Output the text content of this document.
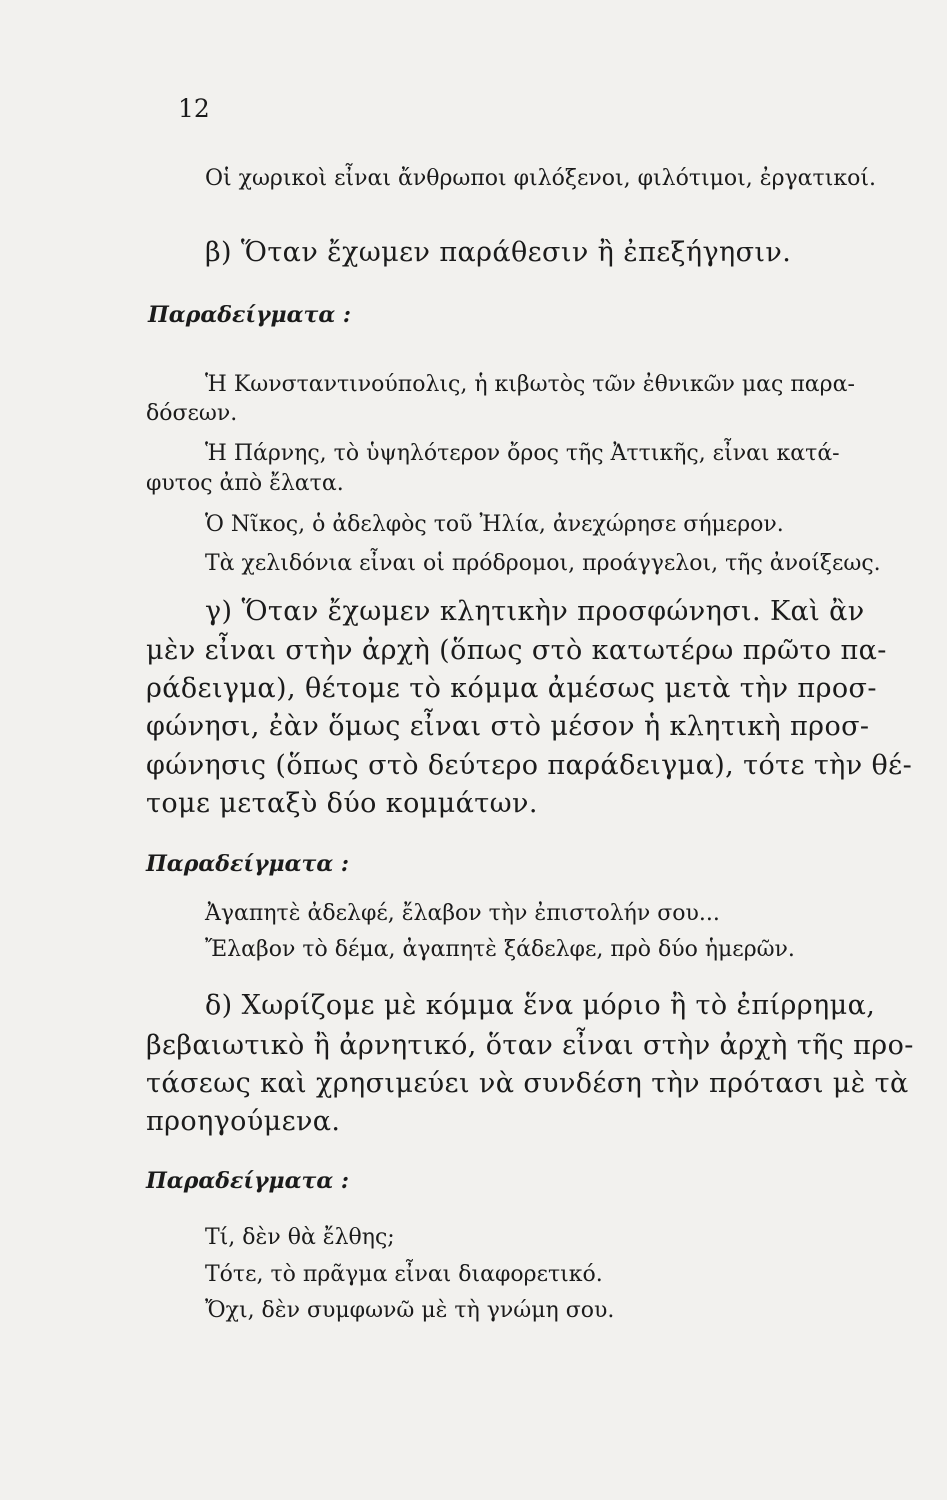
12
Οἱ χωρικοὶ εἶναι ἄνθρωποι φιλόξενοι, φιλότιμοι, ἐργατικοί.
β) Ὅταν ἔχωμεν παράθεσιν ἢ ἐπεξήγησιν.
Παραδείγματα :
Ἡ Κωνσταντινούπολις, ἡ κιβωτὸς τῶν ἐθνικῶν μας παρα-
δόσεων.
Ἡ Πάρνης, τὸ ὑψηλότερον ὄρος τῆς Ἀττικῆς, εἶναι κατά-
φυτος ἀπὸ ἔλατα.
Ὁ Νῖκος, ὁ ἀδελφὸς τοῦ Ἠλία, ἀνεχώρησε σήμερον.
Τὰ χελιδόνια εἶναι οἱ πρόδρομοι, προάγγελοι, τῆς ἀνοίξεως.
γ) Ὅταν ἔχωμεν κλητικὴν προσφώνησι. Καὶ ἂν
μὲν εἶναι στὴν ἀρχὴ (ὅπως στὸ κατωτέρω πρῶτο πα-
ράδειγμα), θέτομε τὸ κόμμα ἀμέσως μετὰ τὴν προσ-
φώνησι, ἐὰν ὅμως εἶναι στὸ μέσον ἡ κλητικὴ προσ-
φώνησις (ὅπως στὸ δεύτερο παράδειγμα), τότε τὴν θέ-
τομε μεταξὺ δύο κομμάτων.
Παραδείγματα :
Ἀγαπητὲ ἀδελφέ, ἔλαβον τὴν ἐπιστολήν σου...
Ἔλαβον τὸ δέμα, ἀγαπητὲ ξάδελφε, πρὸ δύο ἡμερῶν.
δ) Χωρίζομε μὲ κόμμα ἕνα μόριο ἢ τὸ ἐπίρρημα,
βεβαιωτικὸ ἢ ἀρνητικό, ὅταν εἶναι στὴν ἀρχὴ τῆς προ-
τάσεως καὶ χρησιμεύει νὰ συνδέση τὴν πρότασι μὲ τὰ
προηγούμενα.
Παραδείγματα :
Τί, δὲν θὰ ἔλθης;
Τότε, τὸ πρᾶγμα εἶναι διαφορετικό.
Ὄχι, δὲν συμφωνῶ μὲ τὴ γνώμη σου.
